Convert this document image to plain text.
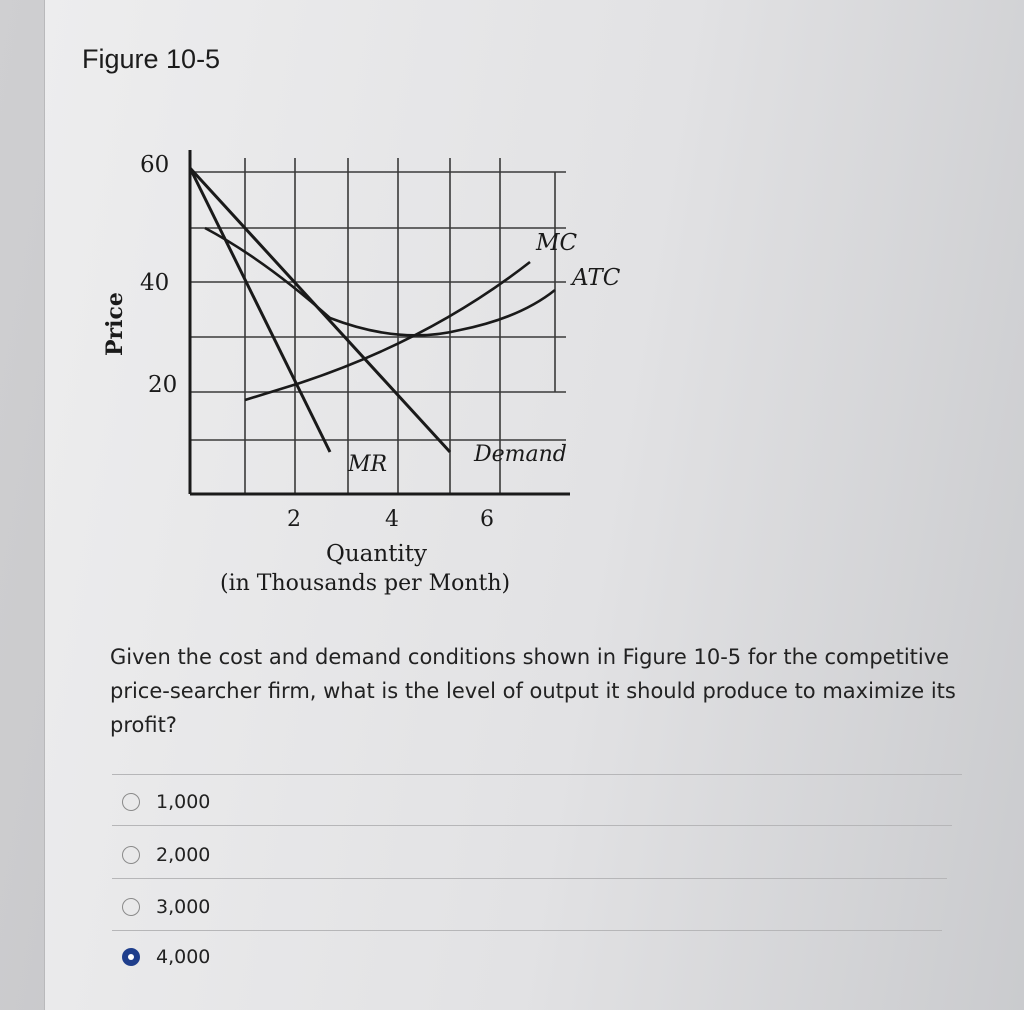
Figure 10-5
60
40
20
2	4	6
Price
Quantity
(in Thousands per Month)
MC
ATC
MR	Demand
Given the cost and demand conditions shown in Figure 10-5 for the competitive price-searcher firm, what is the level of output it should produce to maximize its profit?
1,000
2,000
3,000
4,000
